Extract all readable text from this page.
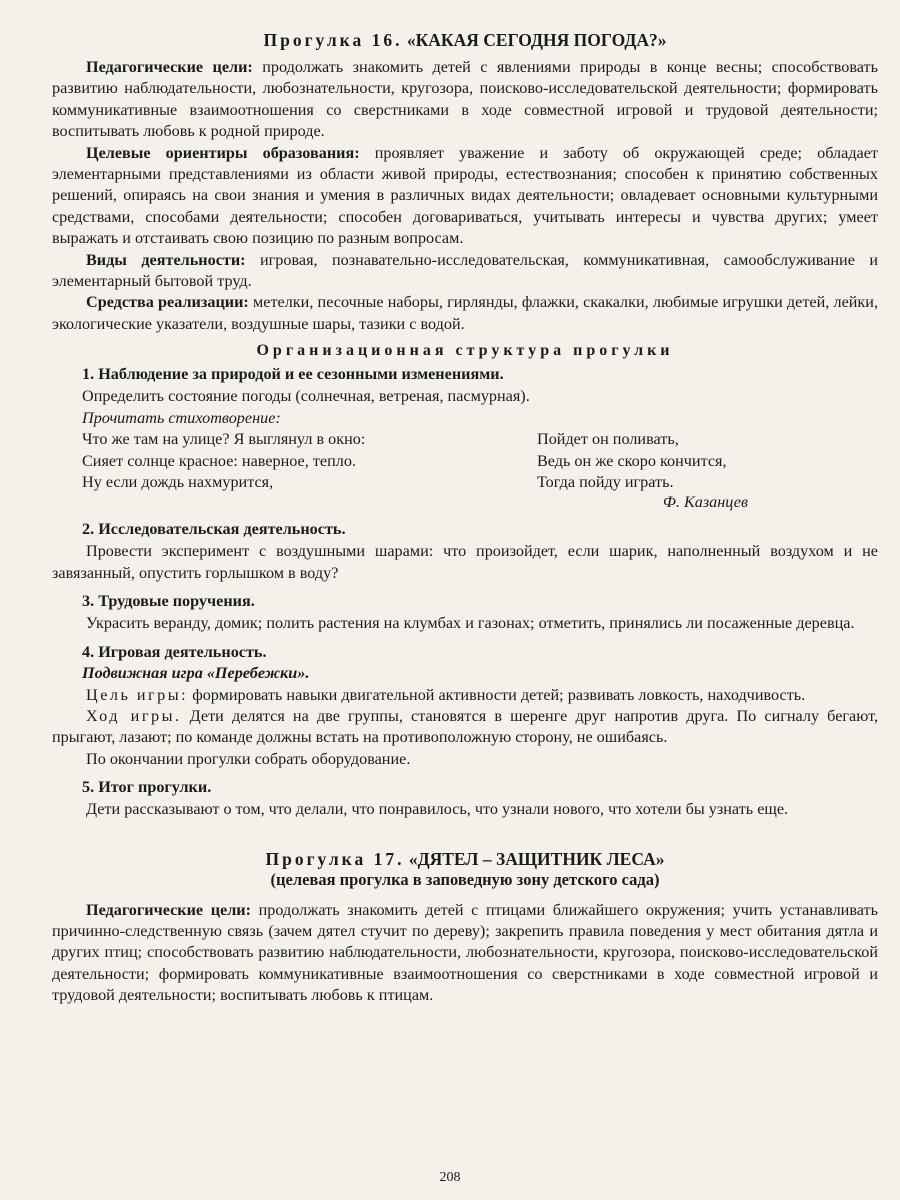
Прогулка 16. «КАКАЯ СЕГОДНЯ ПОГОДА?»

Педагогические цели: продолжать знакомить детей с явлениями природы в конце весны; способствовать развитию наблюдательности, любознательности, кругозора, поисково-исследовательской деятельности; формировать коммуникативные взаимоотношения со сверстниками в ходе совместной игровой и трудовой деятельности; воспитывать любовь к родной природе.

Целевые ориентиры образования: проявляет уважение и заботу об окружающей среде; обладает элементарными представлениями из области живой природы, естествознания; способен к принятию собственных решений, опираясь на свои знания и умения в различных видах деятельности; овладевает основными культурными средствами, способами деятельности; способен договариваться, учитывать интересы и чувства других; умеет выражать и отстаивать свою позицию по разным вопросам.

Виды деятельности: игровая, познавательно-исследовательская, коммуникативная, самообслуживание и элементарный бытовой труд.

Средства реализации: метелки, песочные наборы, гирлянды, флажки, скакалки, любимые игрушки детей, лейки, экологические указатели, воздушные шары, тазики с водой.

Организационная структура прогулки
1. Наблюдение за природой и ее сезонными изменениями.
Определить состояние погоды (солнечная, ветреная, пасмурная).
Прочитать стихотворение:
Что же там на улице? Я выглянул в окно:
Сияет солнце красное: наверное, тепло.
Ну если дождь нахмурится,
Пойдет он поливать,
Ведь он же скоро кончится,
Тогда пойду играть.
Ф. Казанцев
2. Исследовательская деятельность.

Провести эксперимент с воздушными шарами: что произойдет, если шарик, наполненный воздухом и не завязанный, опустить горлышком в воду?

3. Трудовые поручения.

Украсить веранду, домик; полить растения на клумбах и газонах; отметить, принялись ли посаженные деревца.

4. Игровая деятельность.
Подвижная игра «Перебежки».

Цель игры: формировать навыки двигательной активности детей; развивать ловкость, находчивость.

Ход игры. Дети делятся на две группы, становятся в шеренге друг напротив друга. По сигналу бегают, прыгают, лазают; по команде должны встать на противоположную сторону, не ошибаясь.

По окончании прогулки собрать оборудование.

5. Итог прогулки.

Дети рассказывают о том, что делали, что понравилось, что узнали нового, что хотели бы узнать еще.

Прогулка 17. «ДЯТЕЛ – ЗАЩИТНИК ЛЕСА»
(целевая прогулка в заповедную зону детского сада)

Педагогические цели: продолжать знакомить детей с птицами ближайшего окружения; учить устанавливать причинно-следственную связь (зачем дятел стучит по дереву); закрепить правила поведения у мест обитания дятла и других птиц; способствовать развитию наблюдательности, любознательности, кругозора, поисково-исследовательской деятельности; формировать коммуникативные взаимоотношения со сверстниками в ходе совместной игровой и трудовой деятельности; воспитывать любовь к птицам.

208
